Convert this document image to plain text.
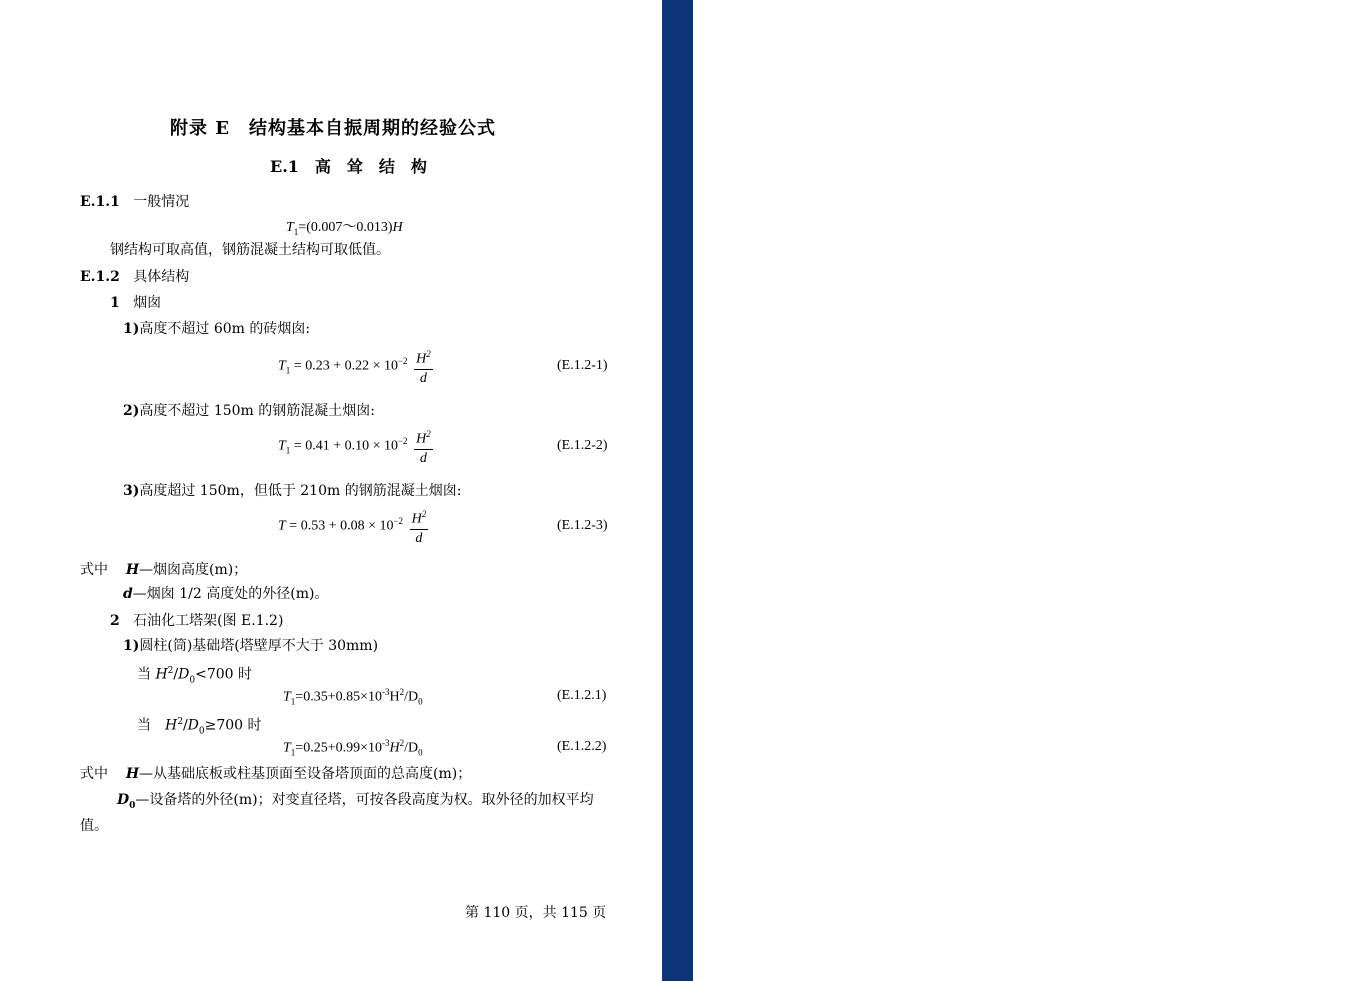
附录 E　结构基本自振周期的经验公式
E.1　高　耸　结　构
E.1.1 一般情况
$T_1=(0.007\sim 0.013)H$
钢结构可取高值，钢筋混凝土结构可取低值。
E.1.2 具体结构
1 烟囱
1)高度不超过 60m 的砖烟囱:
$T_1 = 0.23 + 0.22 \times 10^{-2} \frac{H^2}{d}$	(E.1.2-1)
2)高度不超过 150m 的钢筋混凝土烟囱:
$T_1 = 0.41 + 0.10 \times 10^{-2} \frac{H^2}{d}$	(E.1.2-2)
3)高度超过 150m，但低于 210m 的钢筋混凝土烟囱:
$T = 0.53 + 0.08 \times 10^{-2} \frac{H^2}{d}$	(E.1.2-3)
式中 H—烟囱高度(m)；
d—烟囱 1/2 高度处的外径(m)。
2 石油化工塔架(图 E.1.2)
1)圆柱(筒)基础塔(塔壁厚不大于 30mm)
当 $H^2/D_0<700$ 时
$T_1=0.35+0.85\times 10^{-3}H^2/D_0$	(E.1.2.1)
当　$H^2/D_0\ge 700$ 时
$T_1=0.25+0.99\times 10^{-3}H^2/D_0$	(E.1.2.2)
式中 H—从基础底板或柱基顶面至设备塔顶面的总高度(m)；
$D_0—$设备塔的外径(m)；对变直径塔，可按各段高度为权。取外径的加权平均
值。
第 110 页，共 115 页
@
www.sinoaec.com
《建筑结构荷载规范》
资料编号：GB 50009--2001
@
